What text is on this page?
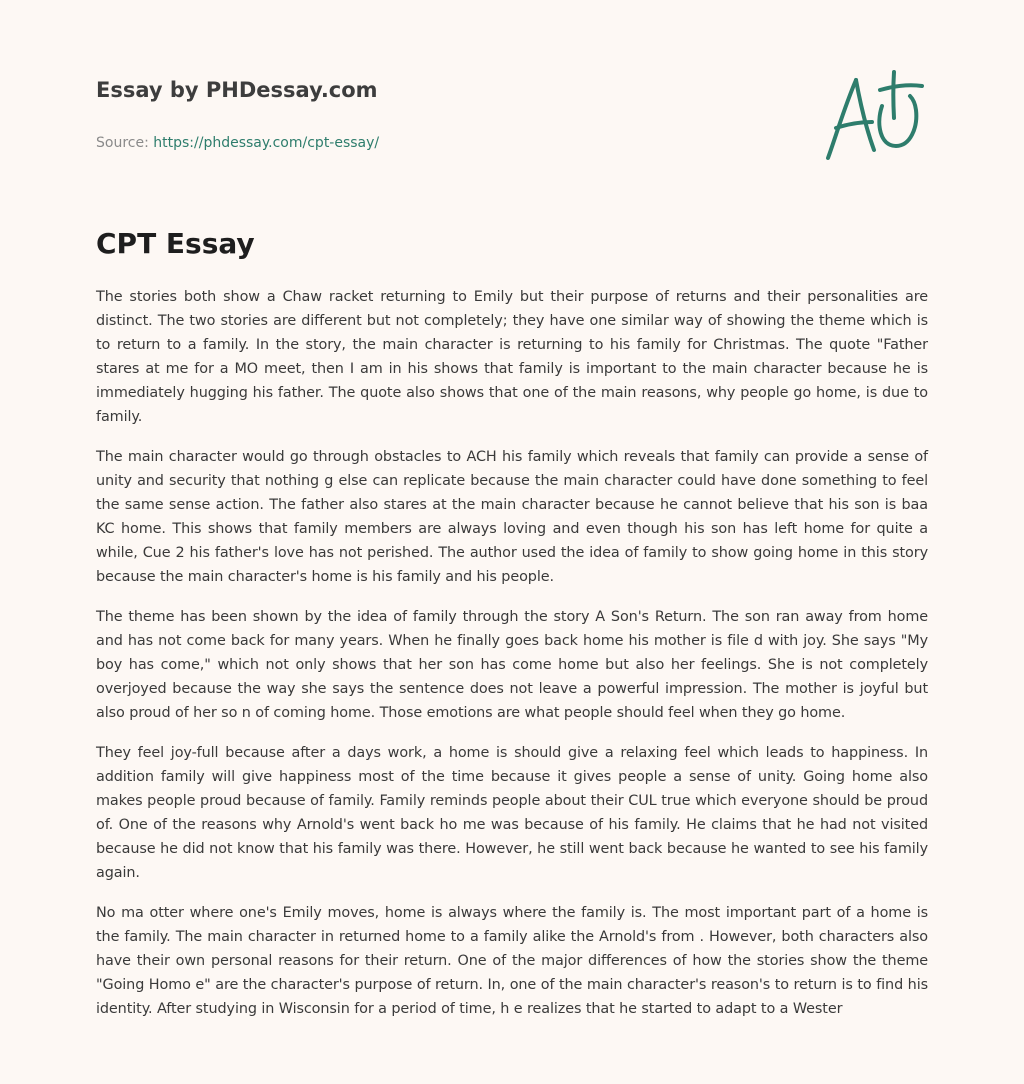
Essay by PHDessay.com
Source: https://phdessay.com/cpt-essay/
CPT Essay

The stories both show a Chaw racket returning to Emily but their purpose of returns and their personalities are distinct. The two stories are different but not completely; they have one similar way of showing the theme which is to return to a family. In the story, the main character is returning to his family for Christmas. The quote "Father stares at me for a MO meet, then I am in his shows that family is important to the main character because he is immediately hugging his father. The quote also shows that one of the main reasons, why people go home, is due to family.

The main character would go through obstacles to ACH his family which reveals that family can provide a sense of unity and security that nothing g else can replicate because the main character could have done something to feel the same sense action. The father also stares at the main character because he cannot believe that his son is baa KC home. This shows that family members are always loving and even though his son has left home for quite a while, Cue 2 his father's love has not perished. The author used the idea of family to show going home in this story because the main character's home is his family and his people.

The theme has been shown by the idea of family through the story A Son's Return. The son ran away from home and has not come back for many years. When he finally goes back home his mother is file d with joy. She says "My boy has come," which not only shows that her son has come home but also her feelings. She is not completely overjoyed because the way she says the sentence does not leave a powerful impression. The mother is joyful but also proud of her so n of coming home. Those emotions are what people should feel when they go home.

They feel joy-full because after a days work, a home is should give a relaxing feel which leads to happiness. In addition family will give happiness most of the time because it gives people a sense of unity. Going home also makes people proud because of family. Family reminds people about their CUL true which everyone should be proud of. One of the reasons why Arnold's went back ho me was because of his family. He claims that he had not visited because he did not know that his family was there. However, he still went back because he wanted to see his family again.

No ma otter where one's Emily moves, home is always where the family is. The most important part of a home is the family. The main character in returned home to a family alike the Arnold's from . However, both characters also have their own personal reasons for their return. One of the major differences of how the stories show the theme "Going Homo e" are the character's purpose of return. In, one of the main character's reason's to return is to find his identity. After studying in Wisconsin for a period of time, h e realizes that he started to adapt to a Wester
